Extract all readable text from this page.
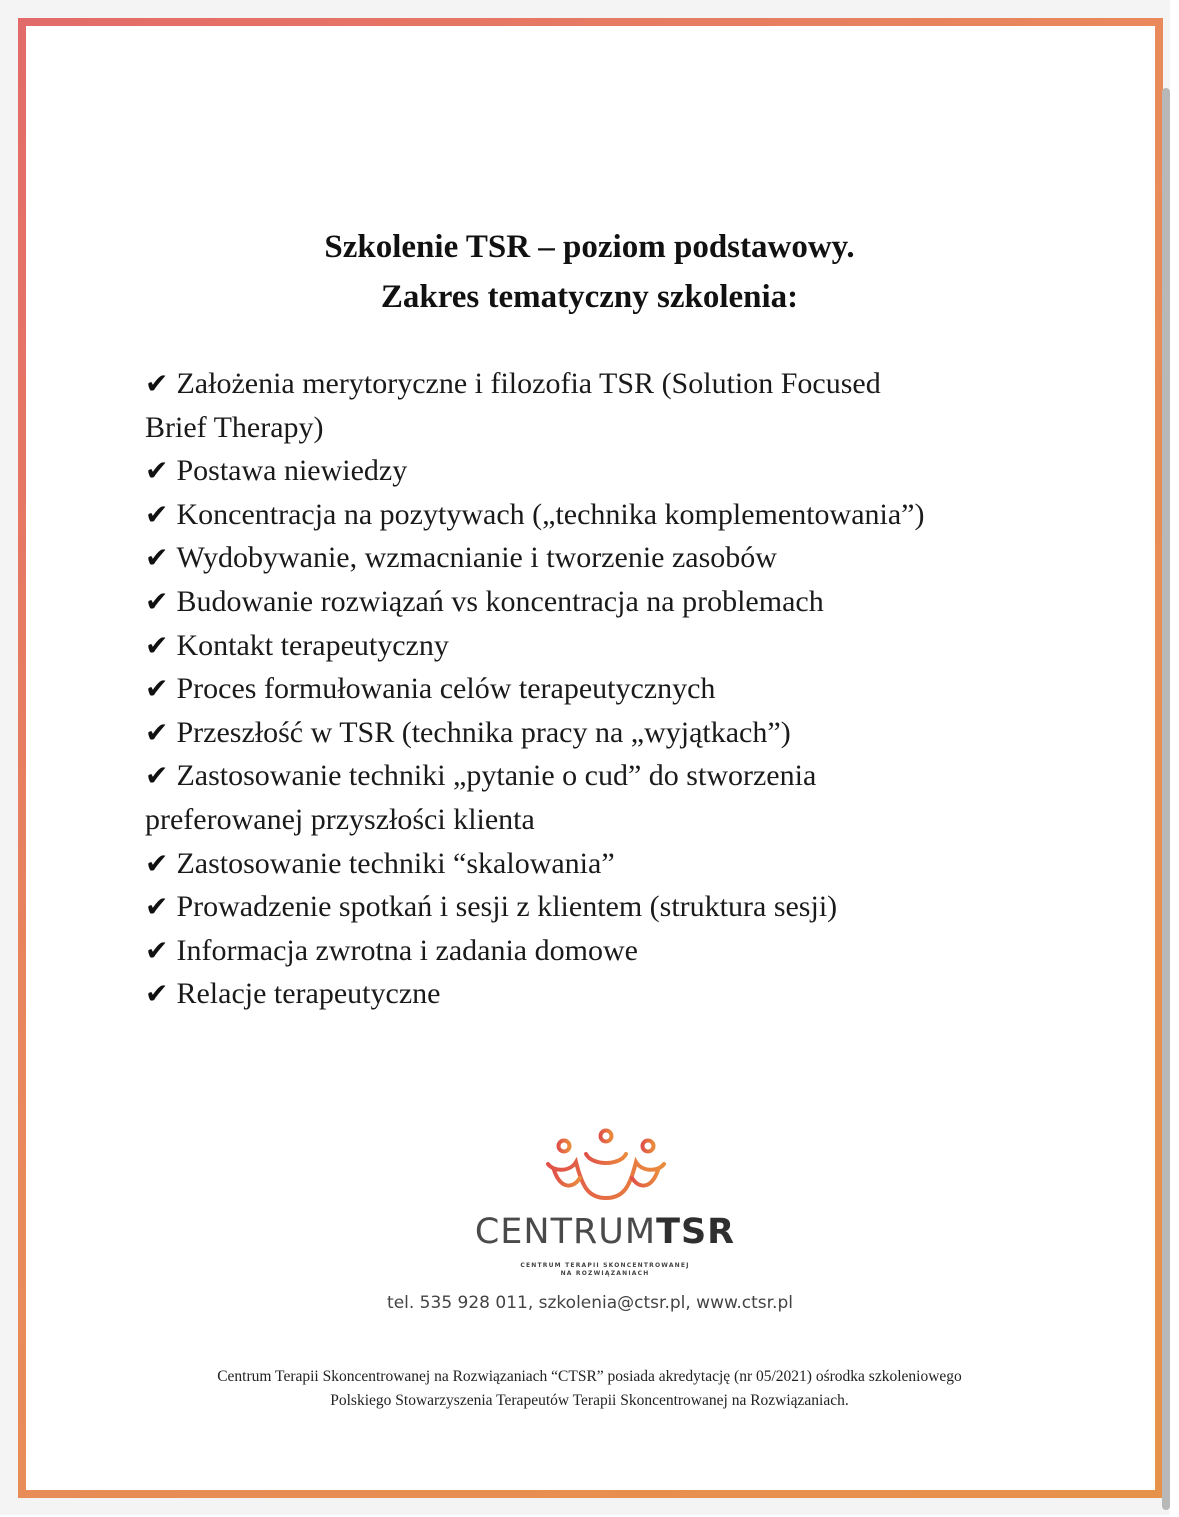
Szkolenie TSR – poziom podstawowy.
Zakres tematyczny szkolenia:
✔ Założenia merytoryczne i filozofia TSR (Solution Focused
Brief Therapy)
✔ Postawa niewiedzy
✔ Koncentracja na pozytywach („technika komplementowania”)
✔ Wydobywanie, wzmacnianie i tworzenie zasobów
✔ Budowanie rozwiązań vs koncentracja na problemach
✔ Kontakt terapeutyczny
✔ Proces formułowania celów terapeutycznych
✔ Przeszłość w TSR (technika pracy na „wyjątkach”)
✔ Zastosowanie techniki „pytanie o cud” do stworzenia
preferowanej przyszłości klienta
✔ Zastosowanie techniki “skalowania”
✔ Prowadzenie spotkań i sesji z klientem (struktura sesji)
✔ Informacja zwrotna i zadania domowe
✔ Relacje terapeutyczne
CENTRUMTSR
CENTRUM TERAPII SKONCENTROWANEJ
NA ROZWIĄZANIACH
tel. 535 928 011, szkolenia@ctsr.pl, www.ctsr.pl
Centrum Terapii Skoncentrowanej na Rozwiązaniach “CTSR” posiada akredytację (nr 05/2021) ośrodka szkoleniowego
Polskiego Stowarzyszenia Terapeutów Terapii Skoncentrowanej na Rozwiązaniach.
